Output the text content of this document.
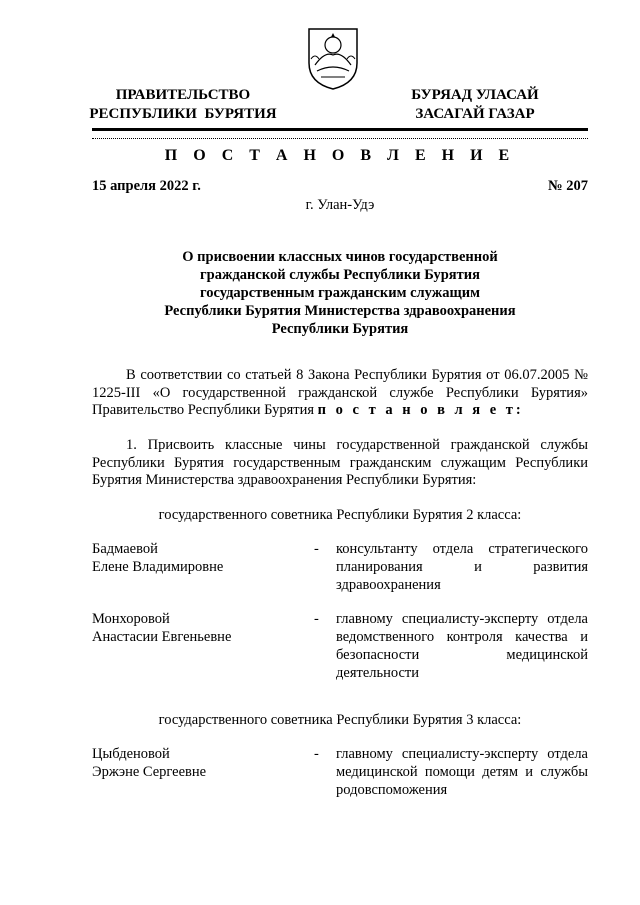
ПРАВИТЕЛЬСТВО
РЕСПУБЛИКИ  БУРЯТИЯ
БУРЯАД УЛАСАЙ
ЗАСАГАЙ ГАЗАР
П О С Т А Н О В Л Е Н И Е
15 апреля 2022 г.	№ 207
г. Улан-Удэ
О присвоении классных чинов государственной
гражданской службы Республики Бурятия
государственным гражданским служащим
Республики Бурятия Министерства здравоохранения
Республики Бурятия
В соответствии со статьей 8 Закона Республики Бурятия от 06.07.2005 № 1225-III «О государственной гражданской службе Республики Бурятия» Правительство Республики Бурятия п о с т а н о в л я е т:
1. Присвоить классные чины государственной гражданской службы Республики Бурятия государственным гражданским служащим Республики Бурятия Министерства здравоохранения Республики Бурятия:
государственного советника Республики Бурятия 2 класса:
Бадмаевой
Елене Владимировне
-	консультанту отдела стратегического планирования и развития здравоохранения
Монхоровой
Анастасии Евгеньевне
-	главному специалисту-эксперту отдела ведомственного контроля качества и безопасности медицинской деятельности
государственного советника Республики Бурятия 3 класса:
Цыбденовой
Эржэне Сергеевне
-	главному специалисту-эксперту отдела медицинской помощи детям и службы родовспоможения
